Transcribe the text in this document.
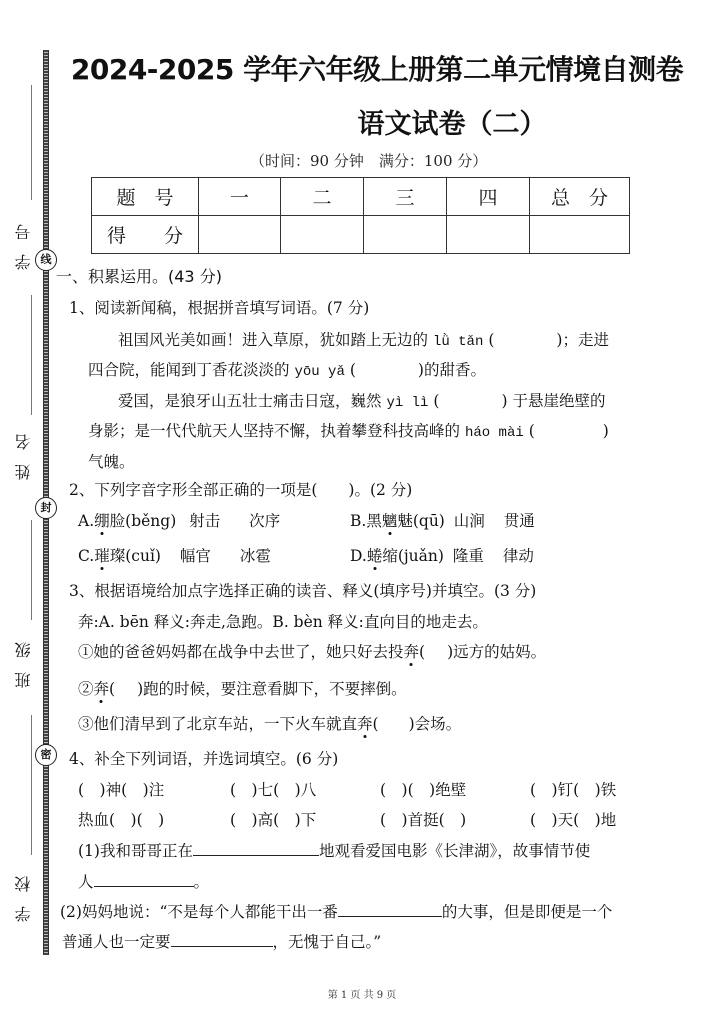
线
封
密
学号
姓名
班级
学校
2024-2025 学年六年级上册第二单元情境自测卷
语文试卷（二）
（时间：90 分钟　满分：100 分）
题　号	一	二	三	四	总　分
得　　分					
一、积累运用。(43 分)
1、阅读新闻稿，根据拼音填写词语。(7 分)
祖国风光美如画！进入草原，犹如踏上无边的 lǜ tǎn (	)；走进
四合院，能闻到丁香花淡淡的 yōu yǎ (	)的甜香。
爱国，是狼牙山五壮士痛击日寇，巍然 yì lì (	) 于悬崖绝壁的
身影；是一代代航天人坚持不懈，执着攀登科技高峰的 háo mài (	)
气魄。
2、下列字音字形全部正确的一项是(　　)。(2 分)
A.绷脸(běng) 射击 次序	B.黑魑魅(qū) 山涧 贯通
C.璀璨(cuǐ) 幅官 冰雹	D.蜷缩(juǎn) 隆重 律动
3、根据语境给加点字选择正确的读音、释义(填序号)并填空。(3 分)
奔:A. bēn 释义:奔走,急跑。B. bèn 释义:直向目的地走去。
①她的爸爸妈妈都在战争中去世了，她只好去投奔( )远方的姑妈。
②奔( )跑的时候，要注意看脚下，不要摔倒。
③他们清早到了北京车站，一下火车就直奔( )会场。
4、补全下列词语，并选词填空。(6 分)
(　)神(　)注	(　)七(　)八	(　)(　)绝壁	(　)钉(　)铁
热血(　)(　)	(　)高(　)下	(　)首挺(　)	(　)天(　)地
(1)我和哥哥正在	地观看爱国电影《长津湖》，故事情节使
人	。
(2)妈妈地说：“不是每个人都能干出一番	的大事，但是即便是一个
普通人也一定要	，无愧于自己。”
第 1 页 共 9 页
